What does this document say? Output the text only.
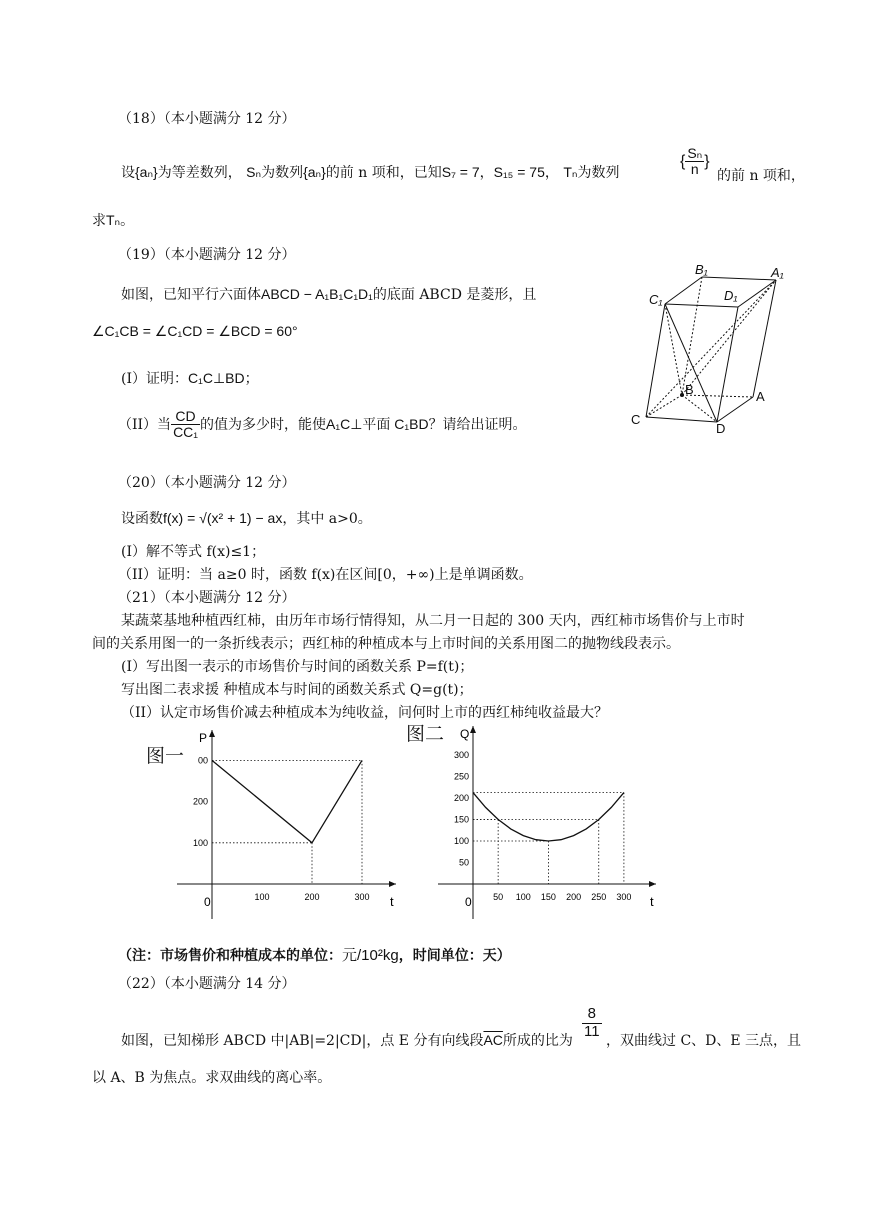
（18）（本小题满分 12 分）
设{aₙ}为等差数列， Sₙ为数列{aₙ}的前 n 项和，已知S₇ = 7，S₁₅ = 75， Tₙ为数列
{ $\frac{\text{Sₙ}}{n}$ }
的前 n 项和，
求Tₙ。
（19）（本小题满分 12 分）
如图，已知平行六面体ABCD − A₁B₁C₁D₁的底面 ABCD 是菱形，且
∠C₁CB = ∠C₁CD = ∠BCD = 60°
(I）证明：C₁C⊥BD；
（II）当 $\frac{CD}{\text{CC₁}}$ 的值为多少时，能使A₁C⊥平面 C₁BD？请给出证明。
B₁	A₁
C₁	D₁
B	A
C
D
（20）（本小题满分 12 分）
设函数f(x) = √(x² + 1) − ax，其中 a>0。
(I）解不等式 f(x)≤1；
（II）证明：当 a≥0 时，函数 f(x)在区间[0，+∞)上是单调函数。
（21）（本小题满分 12 分）
某蔬菜基地种植西红柿，由历年市场行情得知，从二月一日起的 300 天内，西红柿市场售价与上市时
间的关系用图一的一条折线表示；西红柿的种植成本与上市时间的关系用图二的抛物线段表示。
(I）写出图一表示的市场售价与时间的函数关系 P=f(t)；
写出图二表求援 种植成本与时间的函数关系式 Q=g(t)；
（II）认定市场售价减去种植成本为纯收益，问何时上市的西红柿纯收益最大？
图一
t
P
0	100	200	300
100
200
00
图二
t
Q
0 50 100 150 200 250 300
50
100
150
200
250
300
（注：市场售价和种植成本的单位：元/10²kg，时间单位：天）
（22）（本小题满分 14 分）
如图，已知梯形 ABCD 中|AB|=2|CD|，点 E 分有向线段$\overline{AC}$所成的比为
$\frac{8}{11}$
，双曲线过 C、D、E 三点，且
以 A、B 为焦点。求双曲线的离心率。
